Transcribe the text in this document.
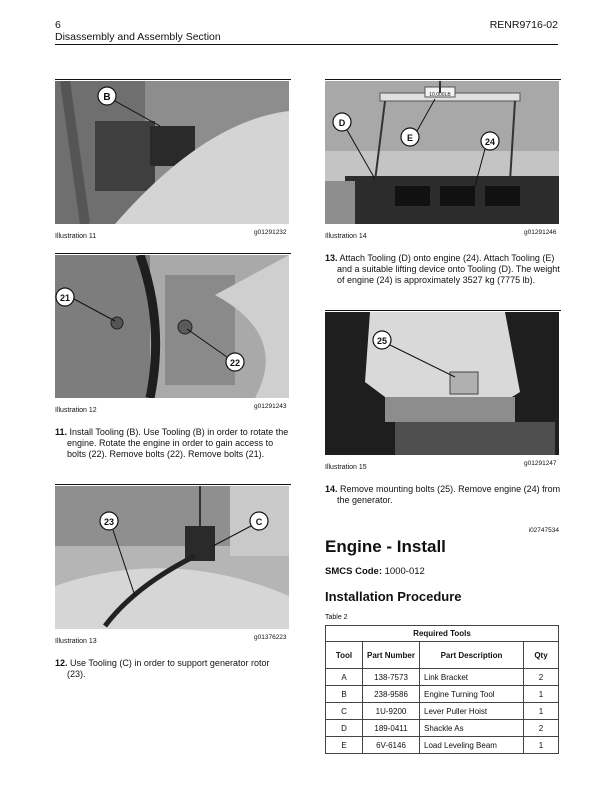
6
Disassembly and Assembly Section
RENR9716-02
B
Illustration 11
g01291232
21
22
Illustration 12
g01291243
11. Install Tooling (B). Use Tooling (B) in order to rotate the engine. Rotate the engine in order to gain access to bolts (22). Remove bolts (22). Remove bolts (21).
23	C
Illustration 13
g01376223
12. Use Tooling (C) in order to support generator rotor (23).
10,000LB
D
E	24
Illustration 14
g01291246
13. Attach Tooling (D) onto engine (24). Attach Tooling (E) and a suitable lifting device onto Tooling (D). The weight of engine (24) is approximately 3527 kg (7775 lb).
25
Illustration 15
g01291247
14. Remove mounting bolts (25). Remove engine (24) from the generator.
i02747534
Engine - Install
SMCS Code: 1000-012
Installation Procedure
Table 2
Required Tools			
Tool	Part Number	Part Description	Qty
A	138-7573	Link Bracket	2
B	238-9586	Engine Turning Tool	1
C	1U-9200	Lever Puller Hoist	1
D	189-0411	Shackle As	2
E	6V-6146	Load Leveling Beam	1
